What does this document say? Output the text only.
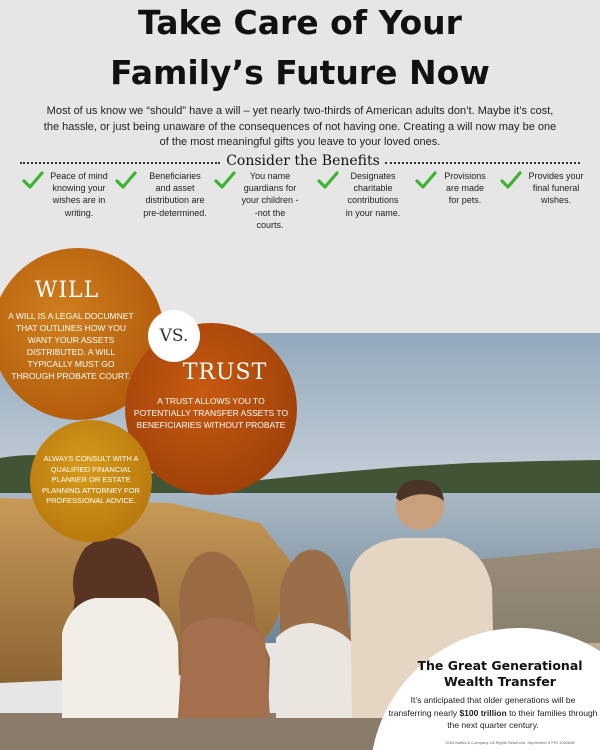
Take Care of Your
Family’s Future Now
Most of us know we “should” have a will – yet nearly two-thirds of American adults don’t. Maybe it’s cost, the hassle, or just being unaware of the consequences of not having one. Creating a will now may be one of the most meaningful gifts you leave to your loved ones.
Consider the Benefits
Peace of mind knowing your wishes are in writing.
Beneficiaries and asset distribution are pre-determined.
You name guardians for your children --not the courts.
Designates charitable contributions in your name.
Provisions are made for pets.
Provides your final funeral wishes.
WILL
A WILL IS A LEGAL DOCUMNET THAT OUTLINES HOW YOU WANT YOUR ASSETS DISTRIBUTED. A WILL TYPICALLY MUST GO THROUGH PROBATE COURT.	TRUST
A TRUST ALLOWS YOU TO POTENTIALLY TRANSFER ASSETS TO BENEFICIARIES WITHOUT PROBATE
VS.
ALWAYS CONSULT WITH A QUALIFIED FINANCIAL PLANNER OR ESTATE PLANNING ATTORNEY FOR PROFESSIONAL ADVICE.
The Great Generational Wealth Transfer
It’s anticipated that older generations will be transferring nearly $100 trillion to their families through the next quarter century.
2025 Buffini & Company. All Rights Reserved. September 5 P/N 1052668
